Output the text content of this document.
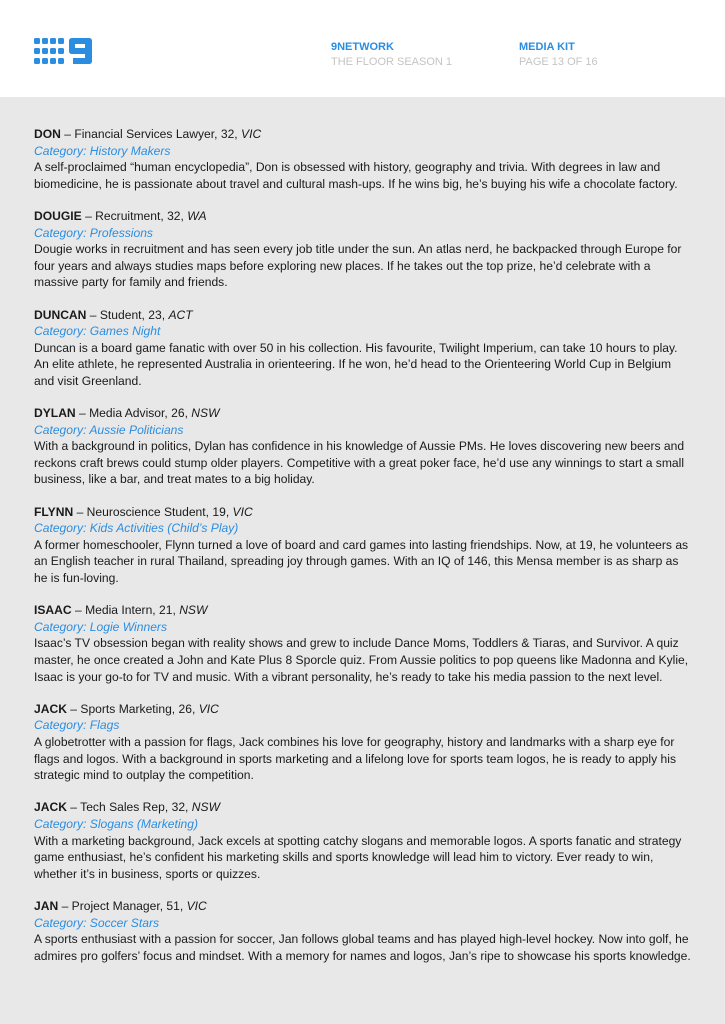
9NETWORK
THE FLOOR SEASON 1
MEDIA KIT
PAGE 13 OF 16
DON – Financial Services Lawyer, 32, VIC
Category: History Makers
A self-proclaimed “human encyclopedia”, Don is obsessed with history, geography and trivia. With degrees in law and biomedicine, he is passionate about travel and cultural mash-ups. If he wins big, he’s buying his wife a chocolate factory.
DOUGIE – Recruitment, 32, WA
Category: Professions
Dougie works in recruitment and has seen every job title under the sun. An atlas nerd, he backpacked through Europe for four years and always studies maps before exploring new places. If he takes out the top prize, he’d celebrate with a massive party for family and friends.
DUNCAN – Student, 23, ACT
Category: Games Night
Duncan is a board game fanatic with over 50 in his collection. His favourite, Twilight Imperium, can take 10 hours to play. An elite athlete, he represented Australia in orienteering. If he won, he’d head to the Orienteering World Cup in Belgium and visit Greenland.
DYLAN – Media Advisor, 26, NSW
Category: Aussie Politicians
With a background in politics, Dylan has confidence in his knowledge of Aussie PMs. He loves discovering new beers and reckons craft brews could stump older players. Competitive with a great poker face, he’d use any winnings to start a small business, like a bar, and treat mates to a big holiday.
FLYNN – Neuroscience Student, 19, VIC
Category: Kids Activities (Child’s Play)
A former homeschooler, Flynn turned a love of board and card games into lasting friendships. Now, at 19, he volunteers as an English teacher in rural Thailand, spreading joy through games. With an IQ of 146, this Mensa member is as sharp as he is fun-loving.
ISAAC – Media Intern, 21, NSW
Category: Logie Winners
Isaac’s TV obsession began with reality shows and grew to include Dance Moms, Toddlers & Tiaras, and Survivor. A quiz master, he once created a John and Kate Plus 8 Sporcle quiz. From Aussie politics to pop queens like Madonna and Kylie, Isaac is your go-to for TV and music. With a vibrant personality, he’s ready to take his media passion to the next level.
JACK – Sports Marketing, 26, VIC
Category: Flags
A globetrotter with a passion for flags, Jack combines his love for geography, history and landmarks with a sharp eye for flags and logos. With a background in sports marketing and a lifelong love for sports team logos, he is ready to apply his strategic mind to outplay the competition.
JACK – Tech Sales Rep, 32, NSW
Category: Slogans (Marketing)
With a marketing background, Jack excels at spotting catchy slogans and memorable logos. A sports fanatic and strategy game enthusiast, he’s confident his marketing skills and sports knowledge will lead him to victory. Ever ready to win, whether it’s in business, sports or quizzes.
JAN – Project Manager, 51, VIC
Category: Soccer Stars
A sports enthusiast with a passion for soccer, Jan follows global teams and has played high-level hockey. Now into golf, he admires pro golfers’ focus and mindset. With a memory for names and logos, Jan’s ripe to showcase his sports knowledge.
